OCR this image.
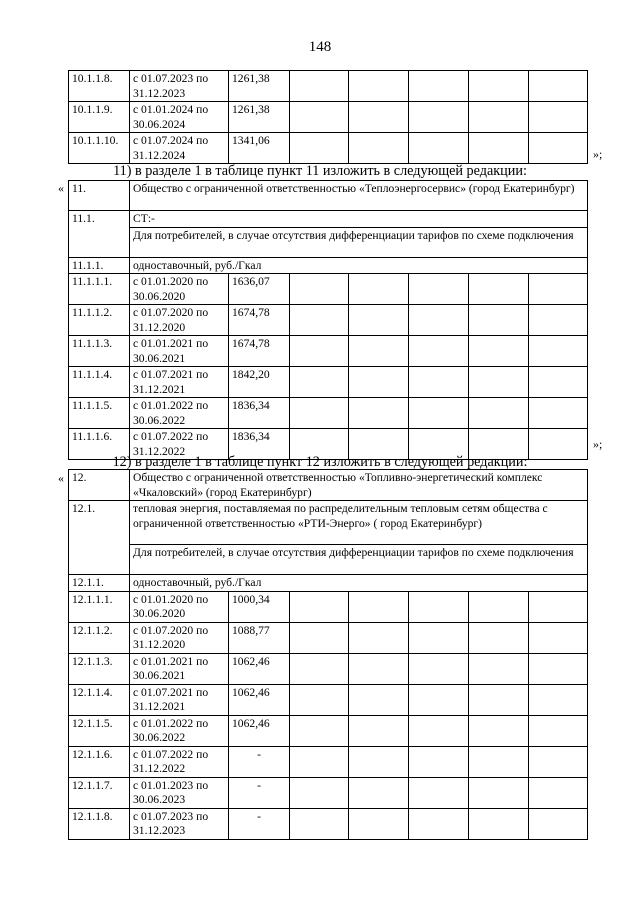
148
10.1.1.8.	с 01.07.2023 по 31.12.2023	1261,38					
10.1.1.9.	с 01.01.2024 по 30.06.2024	1261,38					
10.1.1.10.	с 01.07.2024 по 31.12.2024	1341,06					
»;
11) в разделе 1 в таблице пункт 11 изложить в следующей редакции:
« 11.	Общество с ограниченной ответственностью «Теплоэнергосервис» (город Екатеринбург)						
11.1.	СТ:-						
	Для потребителей, в случае отсутствия дифференциации тарифов по схеме подключения						
11.1.1.	одноставочный, руб./Гкал						
11.1.1.1.	с 01.01.2020 по 30.06.2020	1636,07					
11.1.1.2.	с 01.07.2020 по 31.12.2020	1674,78					
11.1.1.3.	с 01.01.2021 по 30.06.2021	1674,78					
11.1.1.4.	с 01.07.2021 по 31.12.2021	1842,20					
11.1.1.5.	с 01.01.2022 по 30.06.2022	1836,34					
11.1.1.6.	с 01.07.2022 по 31.12.2022	1836,34					
»;
12) в разделе 1 в таблице пункт 12 изложить в следующей редакции:
« 12.	Общество с ограниченной ответственностью «Топливно-энергетический комплекс «Чкаловский» (город Екатеринбург)						
12.1.	тепловая энергия, поставляемая по распределительным тепловым сетям общества с ограниченной ответственностью «РТИ-Энерго» ( город Екатеринбург)						
	Для потребителей, в случае отсутствия дифференциации тарифов по схеме подключения						
12.1.1.	одноставочный, руб./Гкал						
12.1.1.1.	с 01.01.2020 по 30.06.2020	1000,34					
12.1.1.2.	с 01.07.2020 по 31.12.2020	1088,77					
12.1.1.3.	с 01.01.2021 по 30.06.2021	1062,46					
12.1.1.4.	с 01.07.2021 по 31.12.2021	1062,46					
12.1.1.5.	с 01.01.2022 по 30.06.2022	1062,46					
12.1.1.6.	с 01.07.2022 по 31.12.2022	-					
12.1.1.7.	с 01.01.2023 по 30.06.2023	-					
12.1.1.8.	с 01.07.2023 по 31.12.2023	-					
